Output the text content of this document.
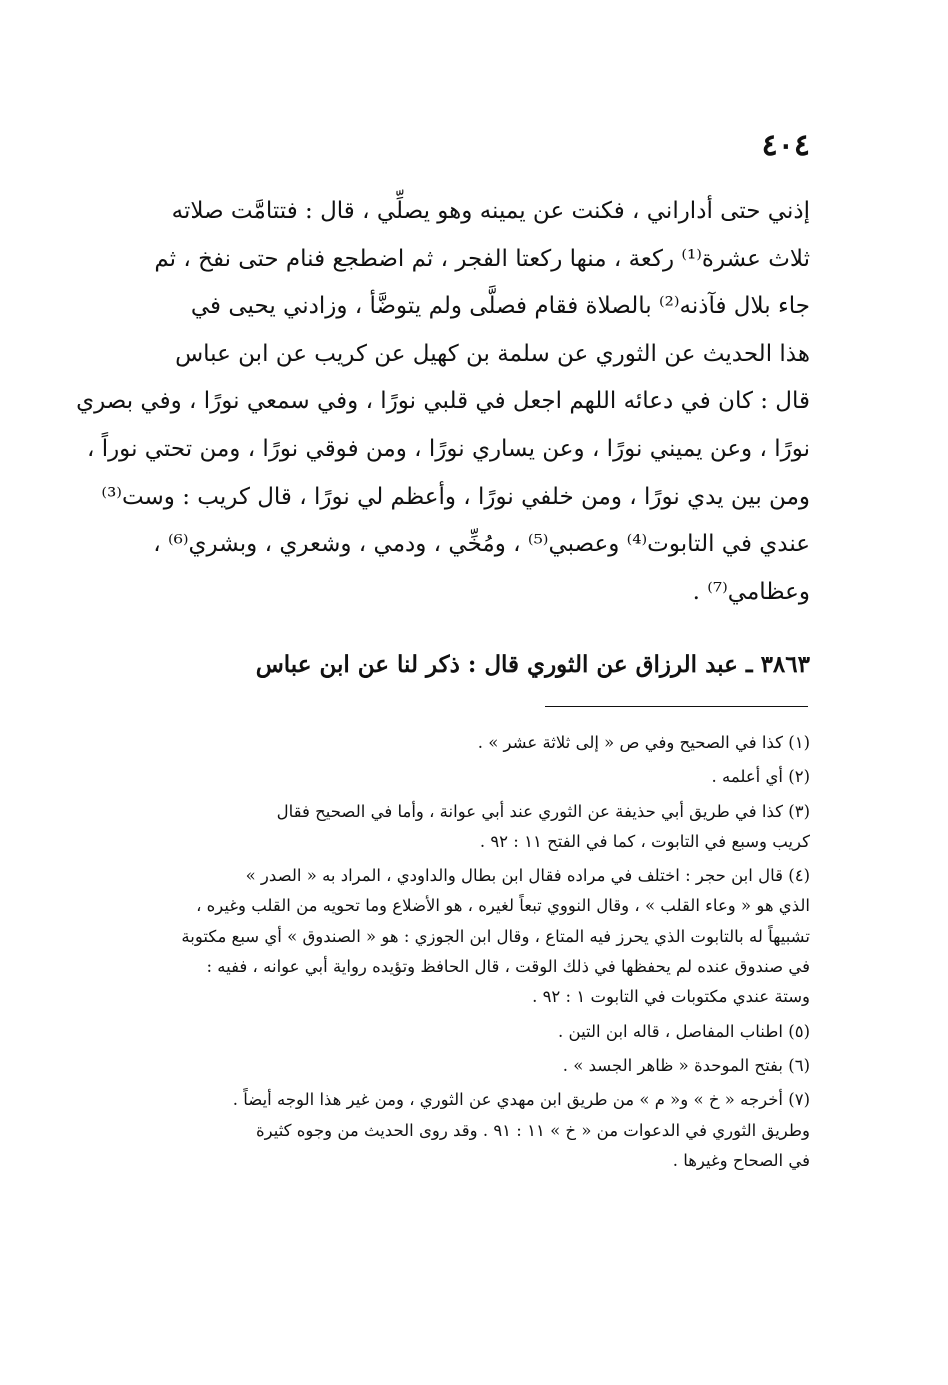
٤٠٤
إذني حتى أداراني ، فكنت عن يمينه وهو يصلِّي ، قال : فتتامَّت صلاته
ثلاث عشرة⁽¹⁾ ركعة ، منها ركعتا الفجر ، ثم اضطجع فنام حتى نفخ ، ثم
جاء بلال فآذنه⁽²⁾ بالصلاة فقام فصلَّى ولم يتوضَّأ ، وزادني يحيى في
هذا الحديث عن الثوري عن سلمة بن كهيل عن كريب عن ابن عباس
قال : كان في دعائه اللهم اجعل في قلبي نورًا ، وفي سمعي نورًا ، وفي بصري
نورًا ، وعن يميني نورًا ، وعن يساري نورًا ، ومن فوقي نورًا ، ومن تحتي نوراً ،
ومن بين يدي نورًا ، ومن خلفي نورًا ، وأعظم لي نورًا ، قال كريب : وست⁽³⁾
عندي في التابوت⁽⁴⁾ وعصبي⁽⁵⁾ ، ومُخِّي ، ودمي ، وشعري ، وبشري⁽⁶⁾ ،
وعظامي⁽⁷⁾ .
٣٨٦٣ ـ عبد الرزاق عن الثوري قال : ذكر لنا عن ابن عباس
(١) كذا في الصحيح وفي ص « إلى ثلاثة عشر » .
(٢) أي أعلمه .
(٣) كذا في طريق أبي حذيفة عن الثوري عند أبي عوانة ، وأما في الصحيح فقال
كريب وسبع في التابوت ، كما في الفتح ١١ : ٩٢ .
(٤) قال ابن حجر : اختلف في مراده فقال ابن بطال والداودي ، المراد به « الصدر »
الذي هو « وعاء القلب » ، وقال النووي تبعاً لغيره ، هو الأضلاع وما تحويه من القلب وغيره ،
تشبيهاً له بالتابوت الذي يحرز فيه المتاع ، وقال ابن الجوزي : هو « الصندوق » أي سبع مكتوبة
في صندوق عنده لم يحفظها في ذلك الوقت ، قال الحافظ وتؤيده رواية أبي عوانه ، ففيه :
وستة عندي مكتوبات في التابوت ١ : ٩٢ .
(٥) اطناب المفاصل ، قاله ابن التين .
(٦) بفتح الموحدة « ظاهر الجسد » .
(٧) أخرجه « خ » و« م » من طريق ابن مهدي عن الثوري ، ومن غير هذا الوجه أيضاً .
وطريق الثوري في الدعوات من « خ » ١١ : ٩١ . وقد روى الحديث من وجوه كثيرة
في الصحاح وغيرها .
